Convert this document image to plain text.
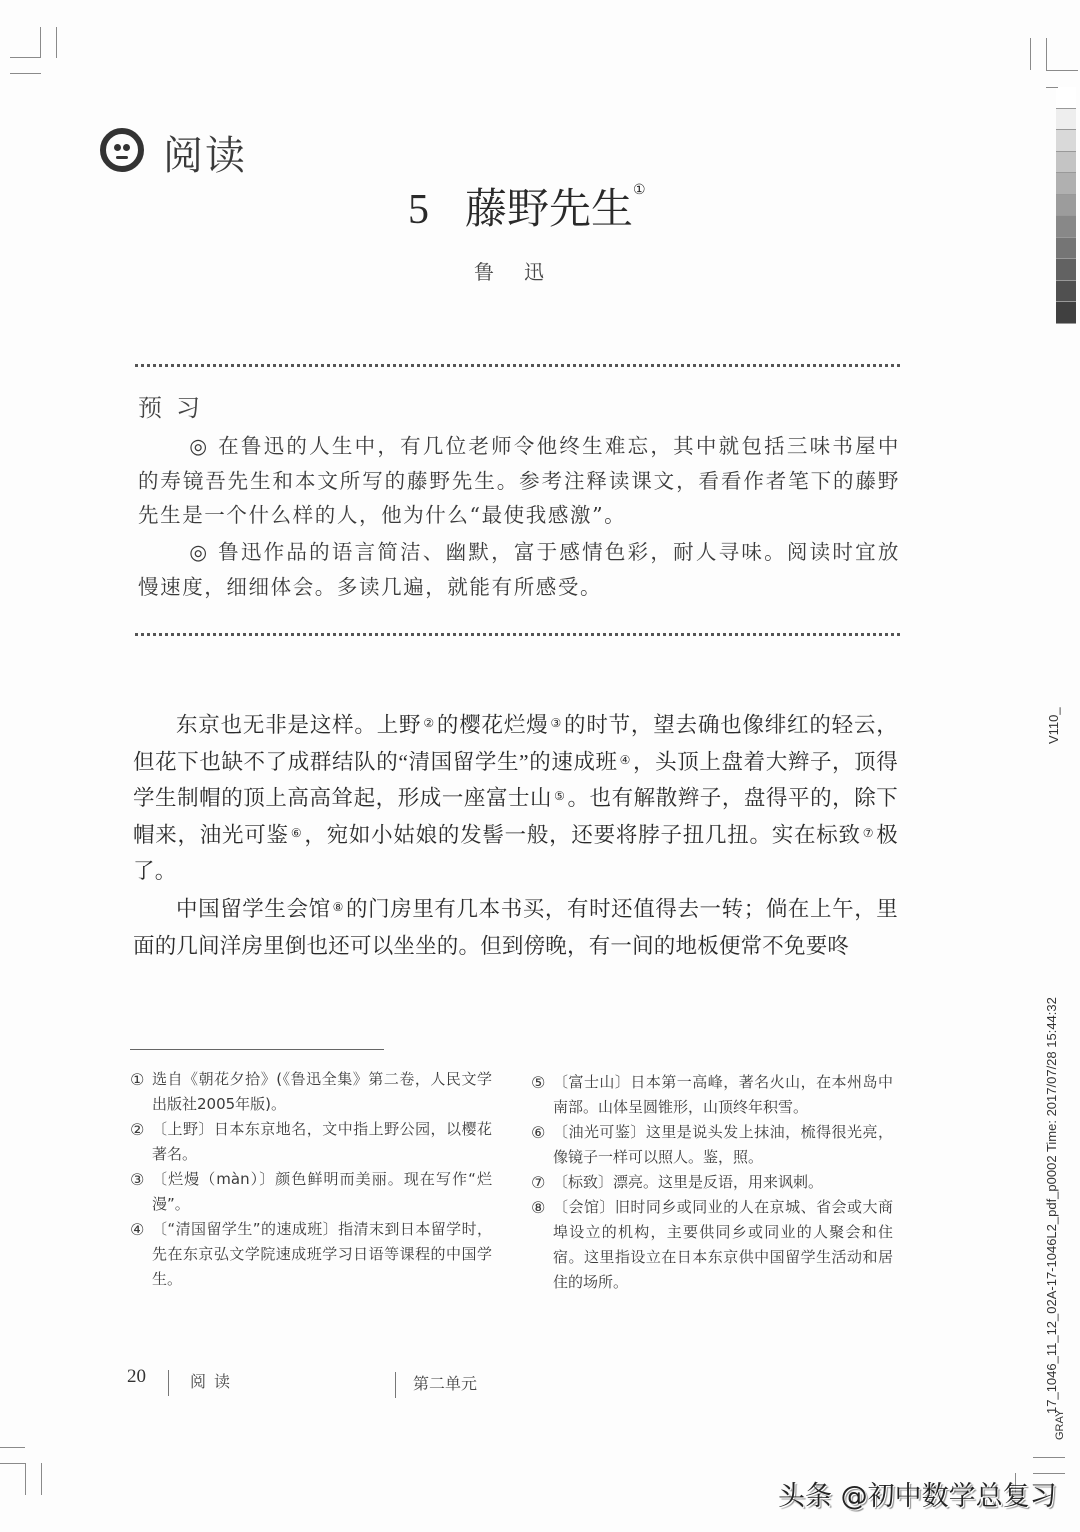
阅读
5 藤野先生①
鲁迅
预习
◎ 在鲁迅的人生中，有几位老师令他终生难忘，其中就包括三味书屋中的寿镜吾先生和本文所写的藤野先生。参考注释读课文，看看作者笔下的藤野先生是一个什么样的人，他为什么“最使我感激”。
◎ 鲁迅作品的语言简洁、幽默，富于感情色彩，耐人寻味。阅读时宜放慢速度，细细体会。多读几遍，就能有所感受。
东京也无非是这样。上野 ②的樱花烂熳 ③的时节，望去确也像绯红的轻云，但花下也缺不了成群结队的“清国留学生”的速成班 ④，头顶上盘着大辫子，顶得学生制帽的顶上高高耸起，形成一座富士山 ⑤。也有解散辫子，盘得平的，除下帽来，油光可鉴 ⑥，宛如小姑娘的发髻一般，还要将脖子扭几扭。实在标致 ⑦极了。
中国留学生会馆 ⑧的门房里有几本书买，有时还值得去一转；倘在上午，里面的几间洋房里倒也还可以坐坐的。但到傍晚，有一间的地板便常不免要咚
① 选自《朝花夕拾》(《鲁迅全集》第二卷，人民文学出版社2005年版)。
② 〔上野〕日本东京地名，文中指上野公园，以樱花著名。
③ 〔烂熳（màn）〕颜色鲜明而美丽。现在写作“烂漫”。
④ 〔“清国留学生”的速成班〕指清末到日本留学时，先在东京弘文学院速成班学习日语等课程的中国学生。
⑤ 〔富士山〕日本第一高峰，著名火山，在本州岛中南部。山体呈圆锥形，山顶终年积雪。
⑥ 〔油光可鉴〕这里是说头发上抹油，梳得很光亮，像镜子一样可以照人。鉴，照。
⑦ 〔标致〕漂亮。这里是反语，用来讽刺。
⑧ 〔会馆〕旧时同乡或同业的人在京城、省会或大商埠设立的机构，主要供同乡或同业的人聚会和住宿。这里指设立在日本东京供中国留学生活动和居住的场所。
20	阅读	第二单元
V110_
17_1046_11_12_02A-17-1046L2_pdf_p0002 Time: 2017/07/28 15:44:32
GRAY
头条 @初中数学总复习
